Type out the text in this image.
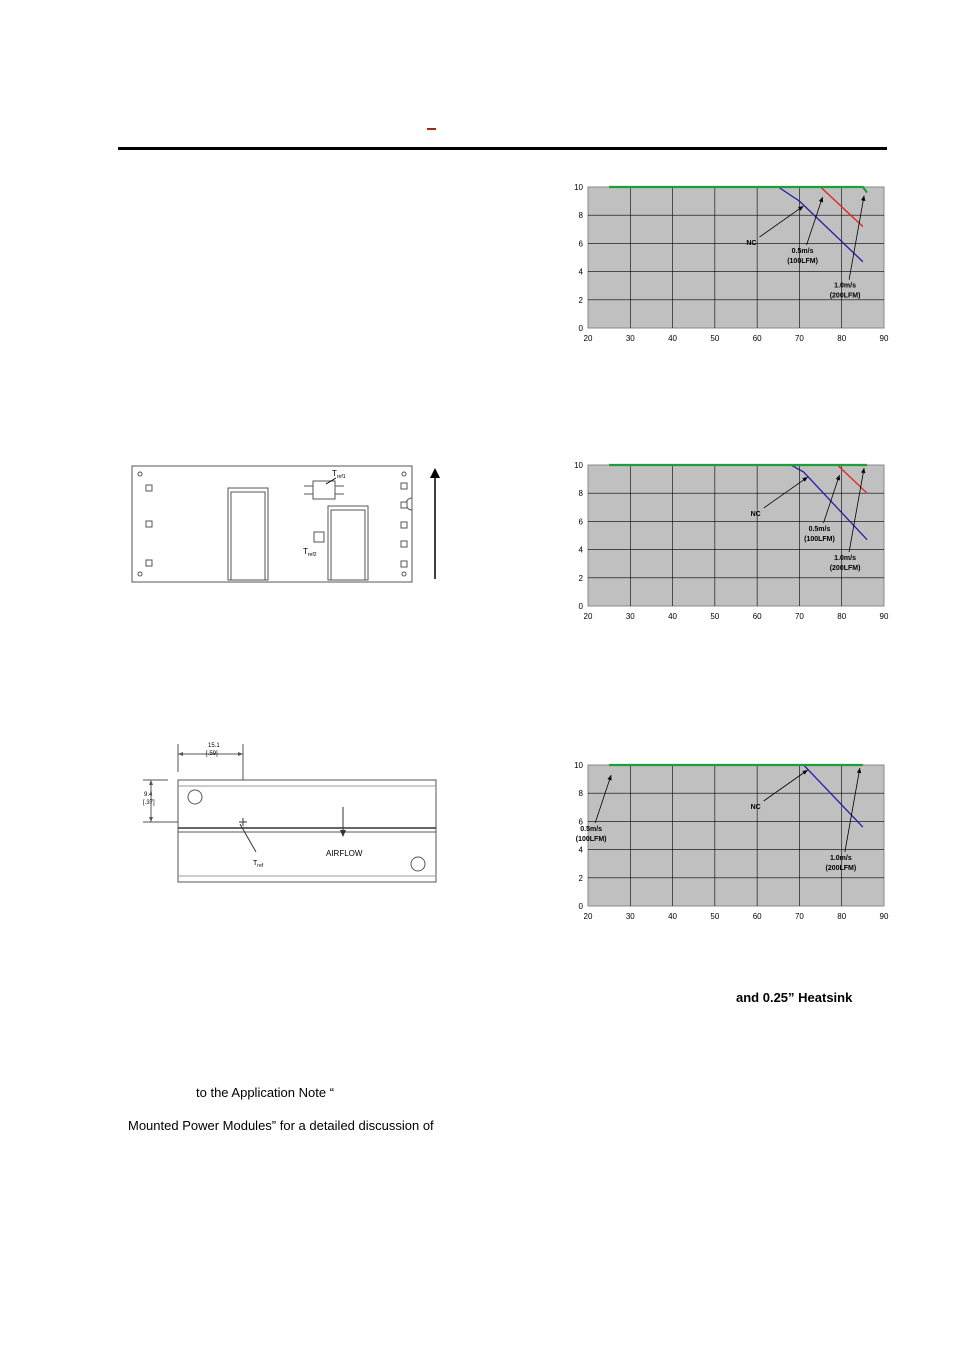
20	30	40	50	60	70	80	90
0
2
4
6
8
10
NC
0.5m/s
(100LFM)
1.0m/s
(200LFM)
20	30	40	50	60	70	80	90
0
2
4
6
8
10
NC
0.5m/s
(100LFM)
1.0m/s
(200LFM)
20	30	40	50	60	70	80	90
0
2
4
6
8
10
NC
0.5m/s
(100LFM)
1.0m/s
(200LFM)
$T_{ref1}$
$T_{ref2}$
15.1
[.59]
9.4
[.37]
$T_{ref}$
AIRFLOW
and 0.25” Heatsink
to the Application Note “
Mounted Power Modules” for a detailed discussion of
